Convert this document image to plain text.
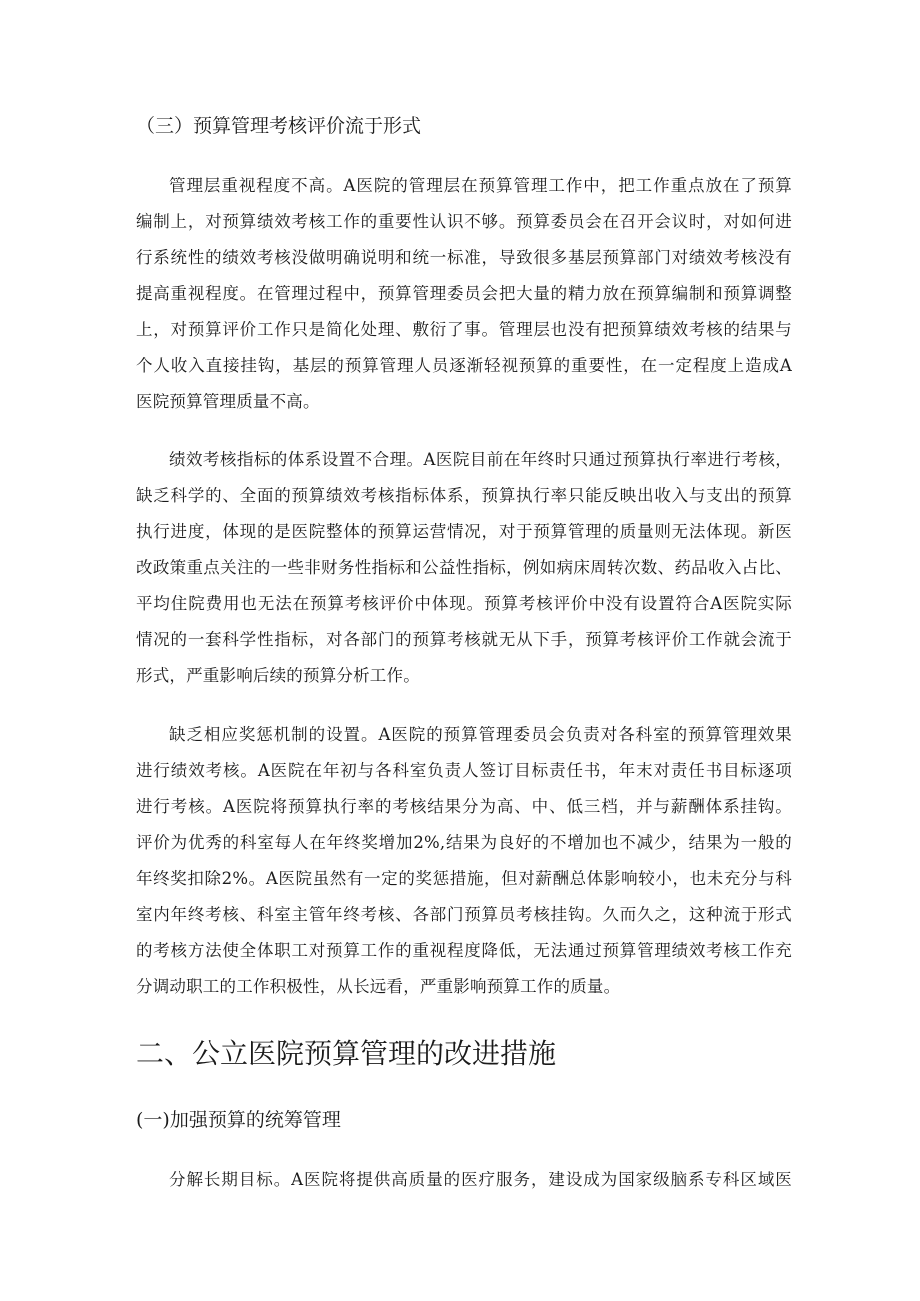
（三）预算管理考核评价流于形式
管理层重视程度不高。A医院的管理层在预算管理工作中，把工作重点放在了预算
编制上，对预算绩效考核工作的重要性认识不够。预算委员会在召开会议时，对如何进
行系统性的绩效考核没做明确说明和统一标准，导致很多基层预算部门对绩效考核没有
提高重视程度。在管理过程中，预算管理委员会把大量的精力放在预算编制和预算调整
上，对预算评价工作只是简化处理、敷衍了事。管理层也没有把预算绩效考核的结果与
个人收入直接挂钩，基层的预算管理人员逐渐轻视预算的重要性，在一定程度上造成A
医院预算管理质量不高。
绩效考核指标的体系设置不合理。A医院目前在年终时只通过预算执行率进行考核，
缺乏科学的、全面的预算绩效考核指标体系，预算执行率只能反映出收入与支出的预算
执行进度，体现的是医院整体的预算运营情况，对于预算管理的质量则无法体现。新医
改政策重点关注的一些非财务性指标和公益性指标，例如病床周转次数、药品收入占比、
平均住院费用也无法在预算考核评价中体现。预算考核评价中没有设置符合A医院实际
情况的一套科学性指标，对各部门的预算考核就无从下手，预算考核评价工作就会流于
形式，严重影响后续的预算分析工作。
缺乏相应奖惩机制的设置。A医院的预算管理委员会负责对各科室的预算管理效果
进行绩效考核。A医院在年初与各科室负责人签订目标责任书，年末对责任书目标逐项
进行考核。A医院将预算执行率的考核结果分为高、中、低三档，并与薪酬体系挂钩。
评价为优秀的科室每人在年终奖增加2%,结果为良好的不增加也不减少，结果为一般的
年终奖扣除2%。A医院虽然有一定的奖惩措施，但对薪酬总体影响较小，也未充分与科
室内年终考核、科室主管年终考核、各部门预算员考核挂钩。久而久之，这种流于形式
的考核方法使全体职工对预算工作的重视程度降低，无法通过预算管理绩效考核工作充
分调动职工的工作积极性，从长远看，严重影响预算工作的质量。
二、公立医院预算管理的改进措施
(一)加强预算的统筹管理
分解长期目标。A医院将提供高质量的医疗服务，建设成为国家级脑系专科区域医
